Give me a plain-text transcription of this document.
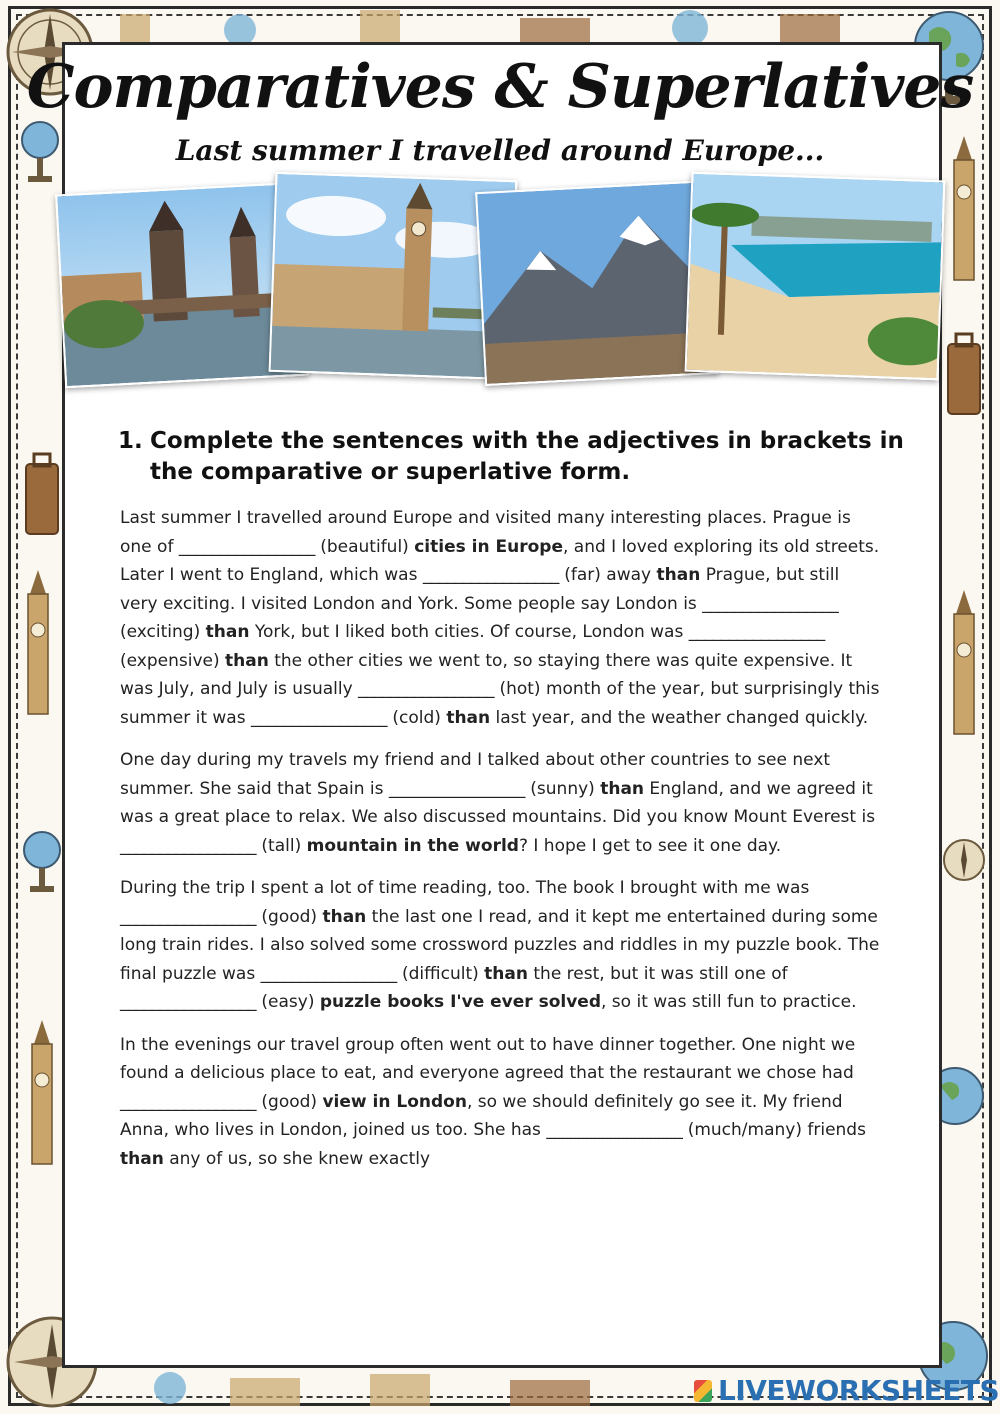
Comparatives & Superlatives
Last summer I travelled around Europe...
1. Complete the sentences with the adjectives in brackets in the comparative or superlative form.

Last summer I travelled around Europe and visited many interesting places. Prague is one of _________________ (beautiful) cities in Europe, and I loved exploring its old streets. Later I went to England, which was _________________ (far) away than Prague, but still very exciting. I visited London and York. Some people say London is _________________ (exciting) than York, but I liked both cities. Of course, London was _________________ (expensive) than the other cities we went to, so staying there was quite expensive. It was July, and July is usually _________________ (hot) month of the year, but surprisingly this summer it was _________________ (cold) than last year, and the weather changed quickly.

One day during my travels my friend and I talked about other countries to see next summer. She said that Spain is _________________ (sunny) than England, and we agreed it was a great place to relax. We also discussed mountains. Did you know Mount Everest is _________________ (tall) mountain in the world? I hope I get to see it one day.

During the trip I spent a lot of time reading, too. The book I brought with me was _________________ (good) than the last one I read, and it kept me entertained during some long train rides. I also solved some crossword puzzles and riddles in my puzzle book. The final puzzle was _________________ (difficult) than the rest, but it was still one of _________________ (easy) puzzle books I've ever solved, so it was still fun to practice.

In the evenings our travel group often went out to have dinner together. One night we found a delicious place to eat, and everyone agreed that the restaurant we chose had _________________ (good) view in London, so we should definitely go see it. My friend Anna, who lives in London, joined us too. She has _________________ (much/many) friends than any of us, so she knew exactly

LIVEWORKSHEETS
